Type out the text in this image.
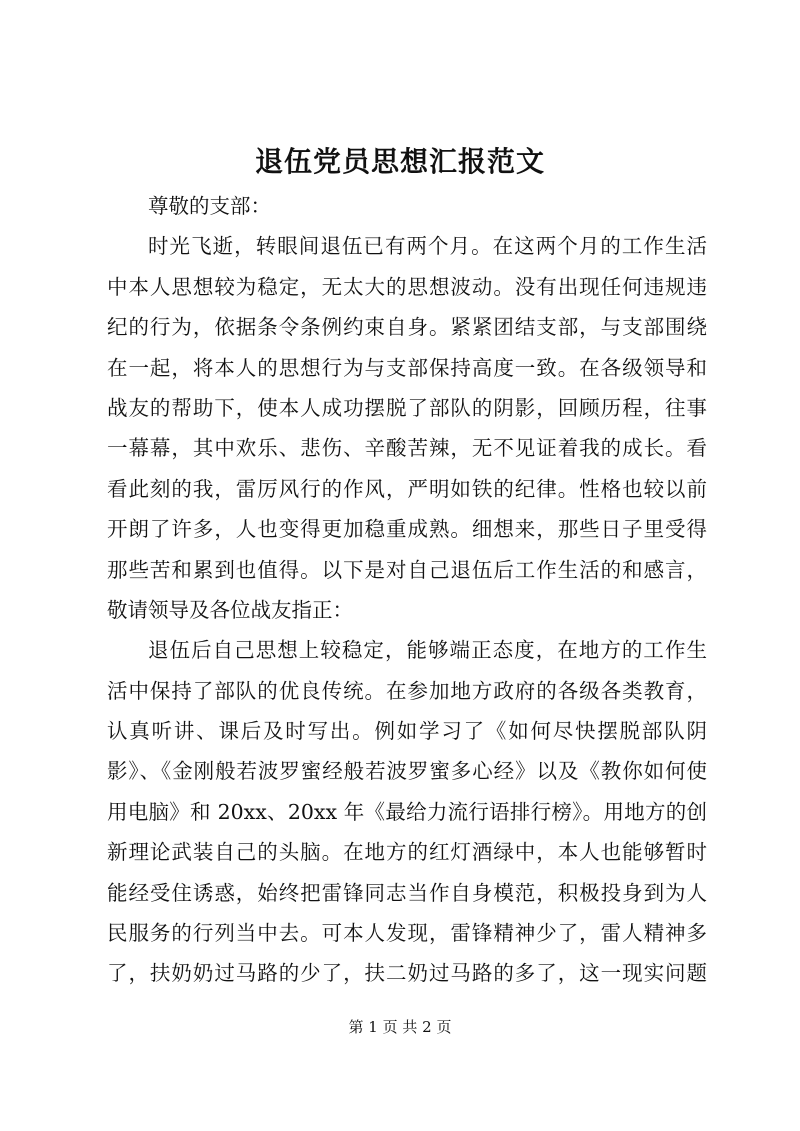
退伍党员思想汇报范文
尊敬的支部：
时光飞逝，转眼间退伍已有两个月。在这两个月的工作生活
中本人思想较为稳定，无太大的思想波动。没有出现任何违规违
纪的行为，依据条令条例约束自身。紧紧团结支部，与支部围绕
在一起，将本人的思想行为与支部保持高度一致。在各级领导和
战友的帮助下，使本人成功摆脱了部队的阴影，回顾历程，往事
一幕幕，其中欢乐、悲伤、辛酸苦辣，无不见证着我的成长。看
看此刻的我，雷厉风行的作风，严明如铁的纪律。性格也较以前
开朗了许多，人也变得更加稳重成熟。细想来，那些日子里受得
那些苦和累到也值得。以下是对自己退伍后工作生活的和感言，
敬请领导及各位战友指正：
退伍后自己思想上较稳定，能够端正态度，在地方的工作生
活中保持了部队的优良传统。在参加地方政府的各级各类教育，
认真听讲、课后及时写出。例如学习了《如何尽快摆脱部队阴
影》、《金刚般若波罗蜜经般若波罗蜜多心经》以及《教你如何使
用电脑》和 20xx、20xx 年《最给力流行语排行榜》。用地方的创
新理论武装自己的头脑。在地方的红灯酒绿中，本人也能够暂时
能经受住诱惑，始终把雷锋同志当作自身模范，积极投身到为人
民服务的行列当中去。可本人发现，雷锋精神少了，雷人精神多
了，扶奶奶过马路的少了，扶二奶过马路的多了，这一现实问题
第 1 页 共 2 页
